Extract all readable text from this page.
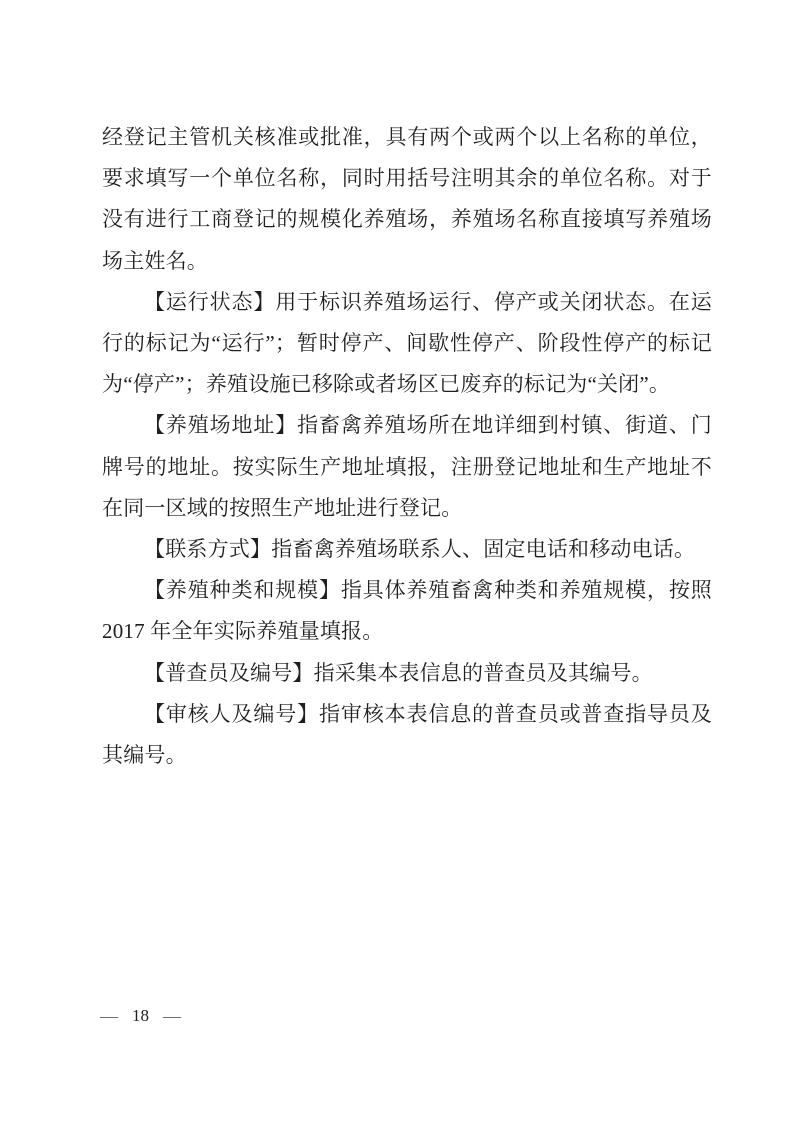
经登记主管机关核准或批准，具有两个或两个以上名称的单位，要求填写一个单位名称，同时用括号注明其余的单位名称。对于没有进行工商登记的规模化养殖场，养殖场名称直接填写养殖场场主姓名。

【运行状态】用于标识养殖场运行、停产或关闭状态。在运行的标记为“运行”；暂时停产、间歇性停产、阶段性停产的标记为“停产”；养殖设施已移除或者场区已废弃的标记为“关闭”。

【养殖场地址】指畜禽养殖场所在地详细到村镇、街道、门牌号的地址。按实际生产地址填报，注册登记地址和生产地址不在同一区域的按照生产地址进行登记。

【联系方式】指畜禽养殖场联系人、固定电话和移动电话。

【养殖种类和规模】指具体养殖畜禽种类和养殖规模，按照 2017 年全年实际养殖量填报。

【普查员及编号】指采集本表信息的普查员及其编号。

【审核人及编号】指审核本表信息的普查员或普查指导员及其编号。

— 18 —
